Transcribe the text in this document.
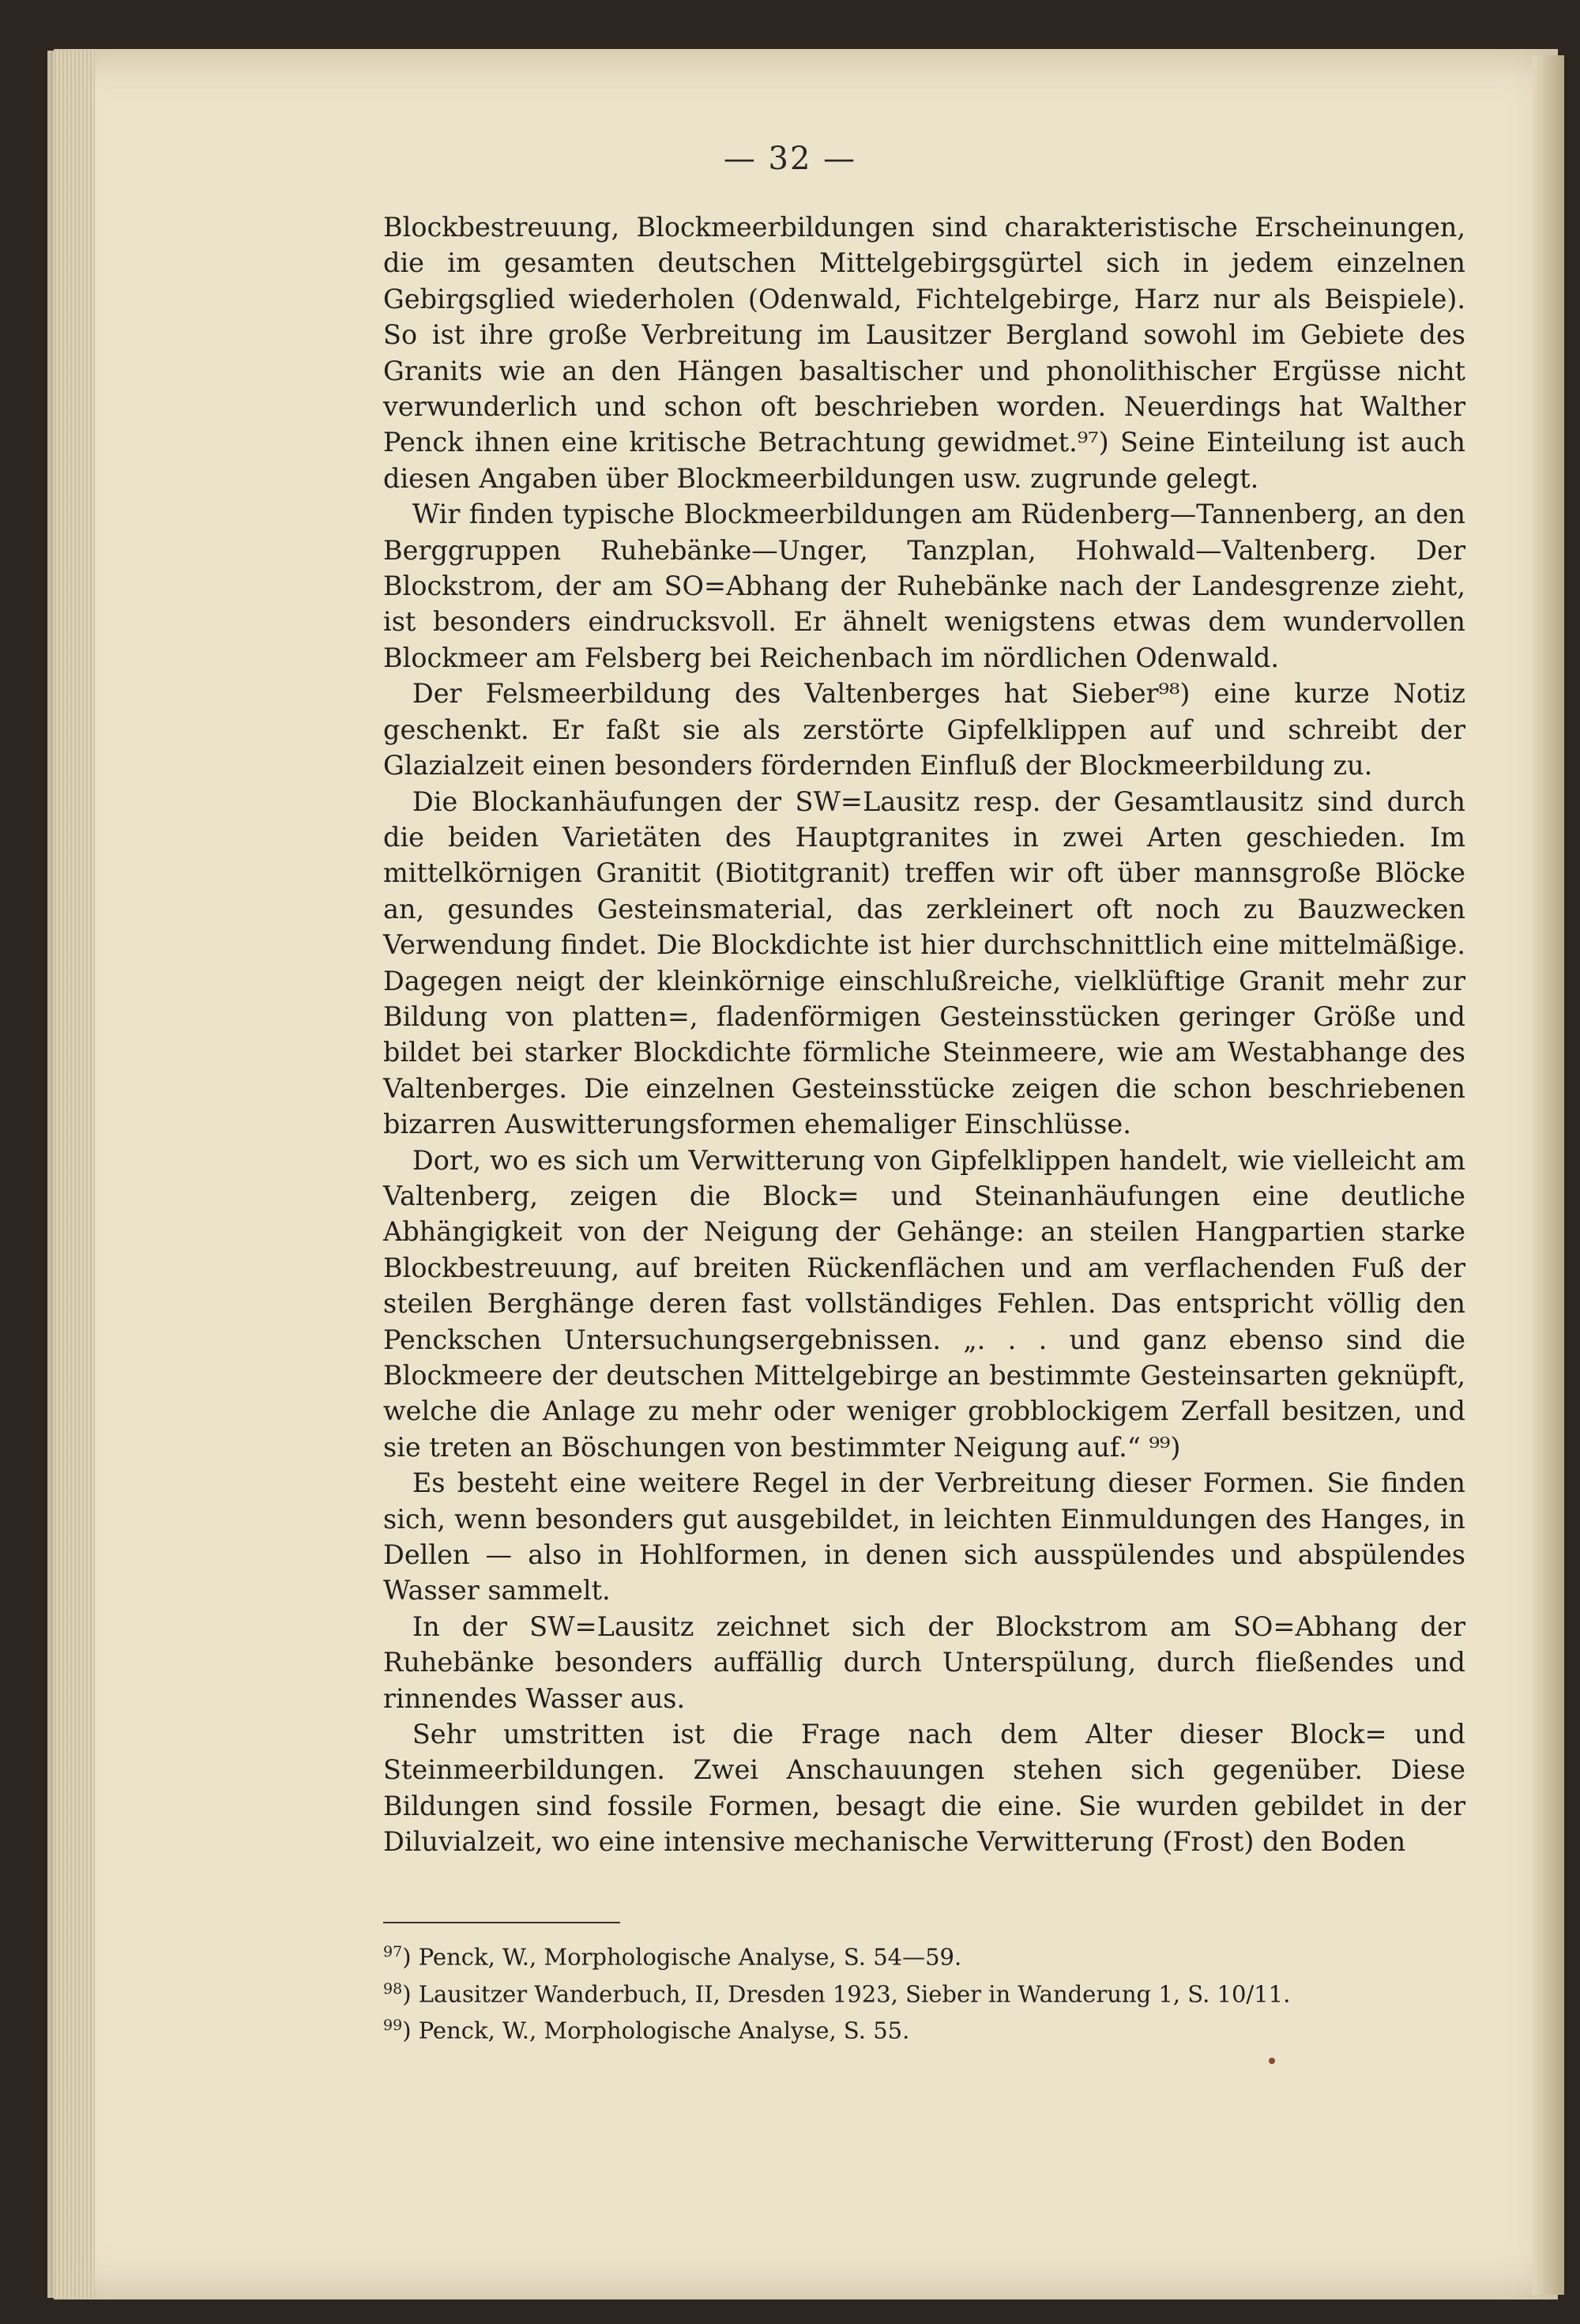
— 32 —

Blockbestreuung, Blockmeerbildungen sind charakteristische Erscheinungen, die im gesamten deutschen Mittelgebirgsgürtel sich in jedem einzelnen Gebirgsglied wiederholen (Odenwald, Fichtelgebirge, Harz nur als Beispiele). So ist ihre große Verbreitung im Lausitzer Bergland sowohl im Gebiete des Granits wie an den Hängen basaltischer und phonolithischer Ergüsse nicht verwunderlich und schon oft beschrieben worden. Neuerdings hat Walther Penck ihnen eine kritische Betrachtung gewidmet.⁹⁷) Seine Einteilung ist auch diesen Angaben über Blockmeerbildungen usw. zugrunde gelegt.

Wir finden typische Blockmeerbildungen am Rüdenberg—Tannenberg, an den Berggruppen Ruhebänke—Unger, Tanzplan, Hohwald—Valtenberg. Der Blockstrom, der am SO=Abhang der Ruhebänke nach der Landesgrenze zieht, ist besonders eindrucksvoll. Er ähnelt wenigstens etwas dem wundervollen Blockmeer am Felsberg bei Reichenbach im nördlichen Odenwald.

Der Felsmeerbildung des Valtenberges hat Sieber⁹⁸) eine kurze Notiz geschenkt. Er faßt sie als zerstörte Gipfelklippen auf und schreibt der Glazialzeit einen besonders fördernden Einfluß der Blockmeerbildung zu.

Die Blockanhäufungen der SW=Lausitz resp. der Gesamtlausitz sind durch die beiden Varietäten des Hauptgranites in zwei Arten geschieden. Im mittelkörnigen Granitit (Biotitgranit) treffen wir oft über mannsgroße Blöcke an, gesundes Gesteinsmaterial, das zerkleinert oft noch zu Bauzwecken Verwendung findet. Die Blockdichte ist hier durchschnittlich eine mittelmäßige. Dagegen neigt der kleinkörnige einschlußreiche, vielklüftige Granit mehr zur Bildung von platten=, fladenförmigen Gesteinsstücken geringer Größe und bildet bei starker Blockdichte förmliche Steinmeere, wie am Westabhange des Valtenberges. Die einzelnen Gesteinsstücke zeigen die schon beschriebenen bizarren Auswitterungsformen ehemaliger Einschlüsse.

Dort, wo es sich um Verwitterung von Gipfelklippen handelt, wie vielleicht am Valtenberg, zeigen die Block= und Steinanhäufungen eine deutliche Abhängigkeit von der Neigung der Gehänge: an steilen Hangpartien starke Blockbestreuung, auf breiten Rückenflächen und am verflachenden Fuß der steilen Berghänge deren fast vollständiges Fehlen. Das entspricht völlig den Penckschen Untersuchungsergebnissen. „. . . und ganz ebenso sind die Blockmeere der deutschen Mittelgebirge an bestimmte Gesteinsarten geknüpft, welche die Anlage zu mehr oder weniger grobblockigem Zerfall besitzen, und sie treten an Böschungen von bestimmter Neigung auf.“ ⁹⁹)

Es besteht eine weitere Regel in der Verbreitung dieser Formen. Sie finden sich, wenn besonders gut ausgebildet, in leichten Einmuldungen des Hanges, in Dellen — also in Hohlformen, in denen sich ausspülendes und abspülendes Wasser sammelt.

In der SW=Lausitz zeichnet sich der Blockstrom am SO=Abhang der Ruhebänke besonders auffällig durch Unterspülung, durch fließendes und rinnendes Wasser aus.

Sehr umstritten ist die Frage nach dem Alter dieser Block= und Steinmeerbildungen. Zwei Anschauungen stehen sich gegenüber. Diese Bildungen sind fossile Formen, besagt die eine. Sie wurden gebildet in der Diluvialzeit, wo eine intensive mechanische Verwitterung (Frost) den Boden

$^{97}$) Penck, W., Morphologische Analyse, S. 54—59.
$^{98}$) Lausitzer Wanderbuch, II, Dresden 1923, Sieber in Wanderung 1, S. 10/11.
$^{99}$) Penck, W., Morphologische Analyse, S. 55.
